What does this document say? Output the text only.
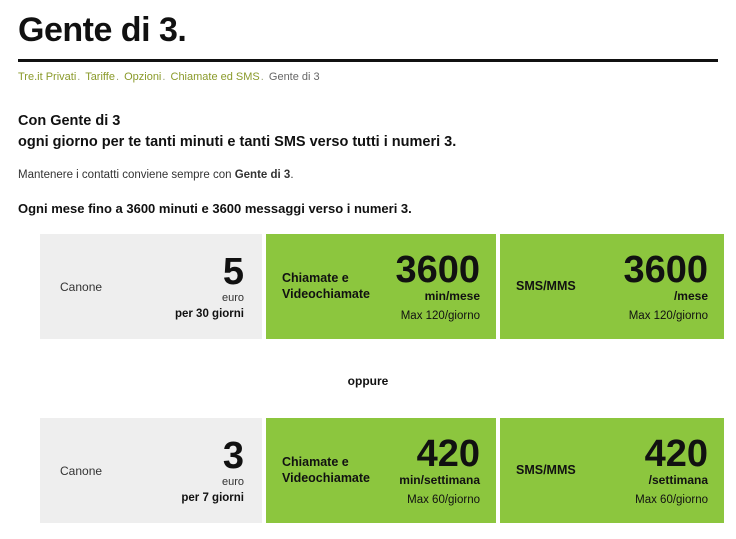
Gente di 3.
Tre.it Privati. Tariffe. Opzioni. Chiamate ed SMS. Gente di 3
Con Gente di 3
ogni giorno per te tanti minuti e tanti SMS verso tutti i numeri 3.
Mantenere i contatti conviene sempre con Gente di 3.
Ogni mese fino a 3600 minuti e 3600 messaggi verso i numeri 3.
Canone	5
euro
per 30 giorni
Chiamate e
Videochiamate
3600
min/mese
Max 120/giorno
SMS/MMS	3600
/mese
Max 120/giorno
oppure
Canone	3
euro
per 7 giorni
Chiamate e
Videochiamate
420
min/settimana
Max 60/giorno
SMS/MMS	420
/settimana
Max 60/giorno
